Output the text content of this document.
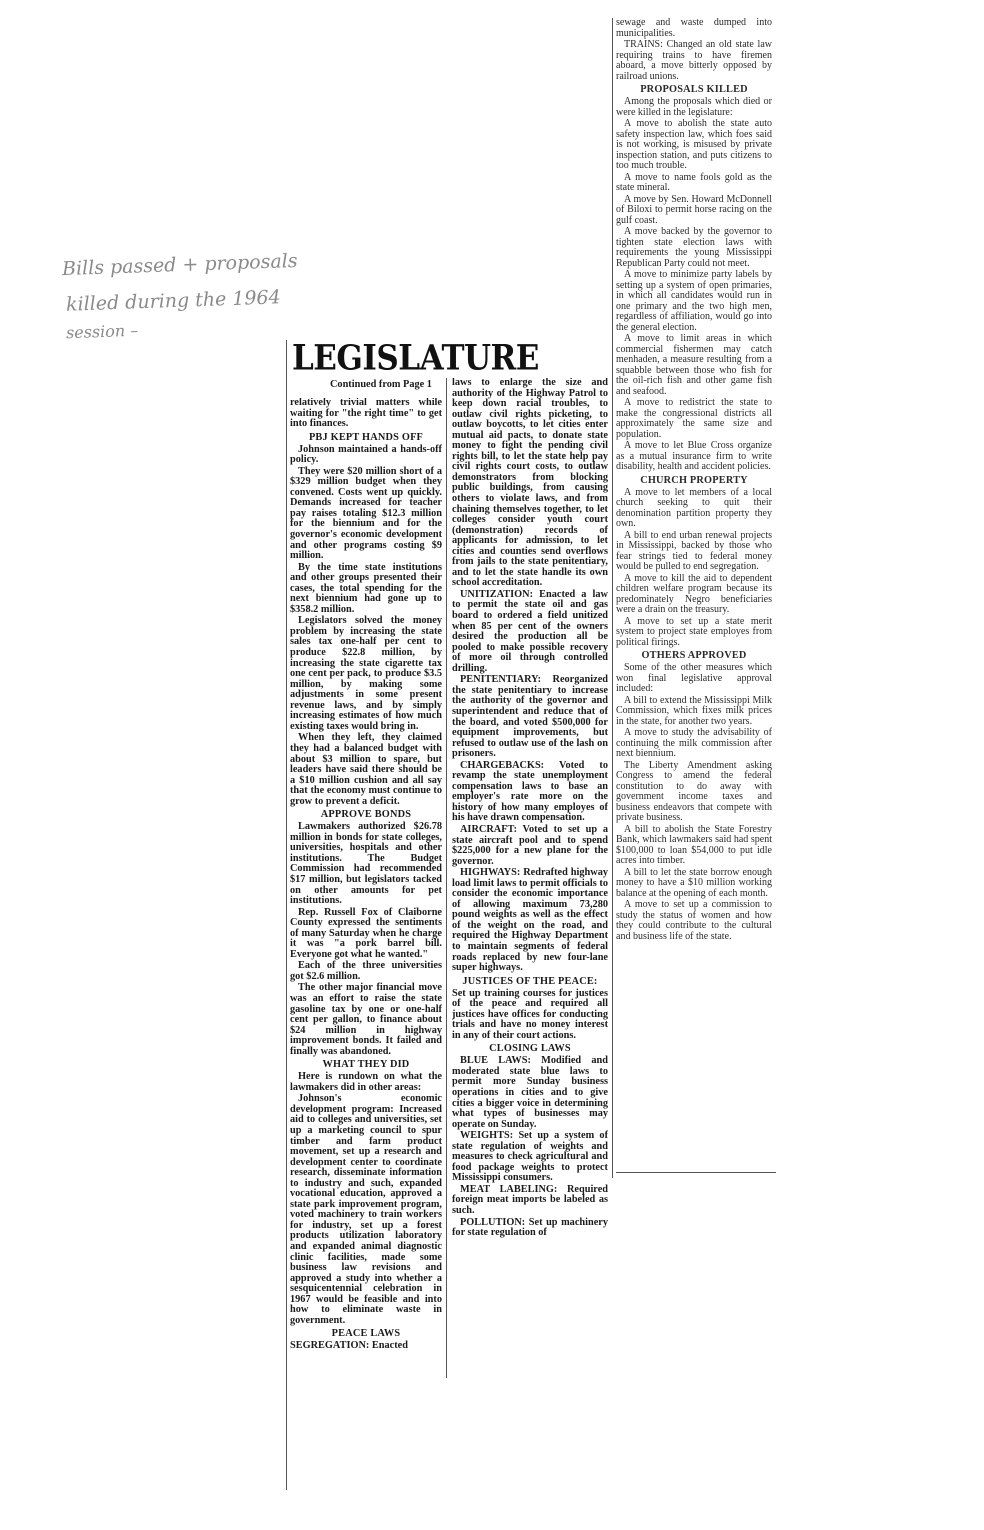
Bills passed + proposals
killed during the 1964
session –
LEGISLATURE
Continued from Page 1

relatively trivial matters while waiting for "the right time" to get into finances.

PBJ KEPT HANDS OFF

Johnson maintained a hands-off policy.

They were $20 million short of a $329 million budget when they convened. Costs went up quickly. Demands increased for teacher pay raises totaling $12.3 million for the biennium and for the governor's economic development and other programs costing $9 million.

By the time state institutions and other groups presented their cases, the total spending for the next biennium had gone up to $358.2 million.

Legislators solved the money problem by increasing the state sales tax one-half per cent to produce $22.8 million, by increasing the state cigarette tax one cent per pack, to produce $3.5 million, by making some adjustments in some present revenue laws, and by simply increasing estimates of how much existing taxes would bring in.

When they left, they claimed they had a balanced budget with about $3 million to spare, but leaders have said there should be a $10 million cushion and all say that the economy must continue to grow to prevent a deficit.

APPROVE BONDS

Lawmakers authorized $26.78 million in bonds for state colleges, universities, hospitals and other institutions. The Budget Commission had recommended $17 million, but legislators tacked on other amounts for pet institutions.

Rep. Russell Fox of Claiborne County expressed the sentiments of many Saturday when he charge it was "a pork barrel bill. Everyone got what he wanted."

Each of the three universities got $2.6 million.

The other major financial move was an effort to raise the state gasoline tax by one or one-half cent per gallon, to finance about $24 million in highway improvement bonds. It failed and finally was abandoned.

WHAT THEY DID

Here is rundown on what the lawmakers did in other areas:

Johnson's economic development program: Increased aid to colleges and universities, set up a marketing council to spur timber and farm product movement, set up a research and development center to coordinate research, disseminate information to industry and such, expanded vocational education, approved a state park improvement program, voted machinery to train workers for industry, set up a forest products utilization laboratory and expanded animal diagnostic clinic facilities, made some business law revisions and approved a study into whether a sesquicentennial celebration in 1967 would be feasible and into how to eliminate waste in government.

PEACE LAWS

SEGREGATION: Enacted

laws to enlarge the size and authority of the Highway Patrol to keep down racial troubles, to outlaw civil rights picketing, to outlaw boycotts, to let cities enter mutual aid pacts, to donate state money to fight the pending civil rights bill, to let the state help pay civil rights court costs, to outlaw demonstrators from blocking public buildings, from causing others to violate laws, and from chaining themselves together, to let colleges consider youth court (demonstration) records of applicants for admission, to let cities and counties send overflows from jails to the state penitentiary, and to let the state handle its own school accreditation.

UNITIZATION: Enacted a law to permit the state oil and gas board to ordered a field unitized when 85 per cent of the owners desired the production all be pooled to make possible recovery of more oil through controlled drilling.

PENITENTIARY: Reorganized the state penitentiary to increase the authority of the governor and superintendent and reduce that of the board, and voted $500,000 for equipment improvements, but refused to outlaw use of the lash on prisoners.

CHARGEBACKS: Voted to revamp the state unemployment compensation laws to base an employer's rate more on the history of how many employes of his have drawn compensation.

AIRCRAFT: Voted to set up a state aircraft pool and to spend $225,000 for a new plane for the governor.

HIGHWAYS: Redrafted highway load limit laws to permit officials to consider the economic importance of allowing maximum 73,280 pound weights as well as the effect of the weight on the road, and required the Highway Department to maintain segments of federal roads replaced by new four-lane super highways.

JUSTICES OF THE PEACE:

Set up training courses for justices of the peace and required all justices have offices for conducting trials and have no money interest in any of their court actions.

CLOSING LAWS

BLUE LAWS: Modified and moderated state blue laws to permit more Sunday business operations in cities and to give cities a bigger voice in determining what types of businesses may operate on Sunday.

WEIGHTS: Set up a system of state regulation of weights and measures to check agricultural and food package weights to protect Mississippi consumers.

MEAT LABELING: Required foreign meat imports be labeled as such.

POLLUTION: Set up machinery for state regulation of

sewage and waste dumped into municipalities.

TRAINS: Changed an old state law requiring trains to have firemen aboard, a move bitterly opposed by railroad unions.

PROPOSALS KILLED

Among the proposals which died or were killed in the legislature:

A move to abolish the state auto safety inspection law, which foes said is not working, is misused by private inspection station, and puts citizens to too much trouble.

A move to name fools gold as the state mineral.

A move by Sen. Howard McDonnell of Biloxi to permit horse racing on the gulf coast.

A move backed by the governor to tighten state election laws with requirements the young Mississippi Republican Party could not meet.

A move to minimize party labels by setting up a system of open primaries, in which all candidates would run in one primary and the two high men, regardless of affiliation, would go into the general election.

A move to limit areas in which commercial fishermen may catch menhaden, a measure resulting from a squabble between those who fish for the oil-rich fish and other game fish and seafood.

A move to redistrict the state to make the congressional districts all approximately the same size and population.

A move to let Blue Cross organize as a mutual insurance firm to write disability, health and accident policies.

CHURCH PROPERTY

A move to let members of a local church seeking to quit their denomination partition property they own.

A bill to end urban renewal projects in Mississippi, backed by those who fear strings tied to federal money would be pulled to end segregation.

A move to kill the aid to dependent children welfare program because its predominately Negro beneficiaries were a drain on the treasury.

A move to set up a state merit system to project state employes from political firings.

OTHERS APPROVED

Some of the other measures which won final legislative approval included:

A bill to extend the Mississippi Milk Commission, which fixes milk prices in the state, for another two years.

A move to study the advisability of continuing the milk commission after next biennium.

The Liberty Amendment asking Congress to amend the federal constitution to do away with government income taxes and business endeavors that compete with private business.

A bill to abolish the State Forestry Bank, which lawmakers said had spent $100,000 to loan $54,000 to put idle acres into timber.

A bill to let the state borrow enough money to have a $10 million working balance at the opening of each month.

A move to set up a commission to study the status of women and how they could contribute to the cultural and business life of the state.
